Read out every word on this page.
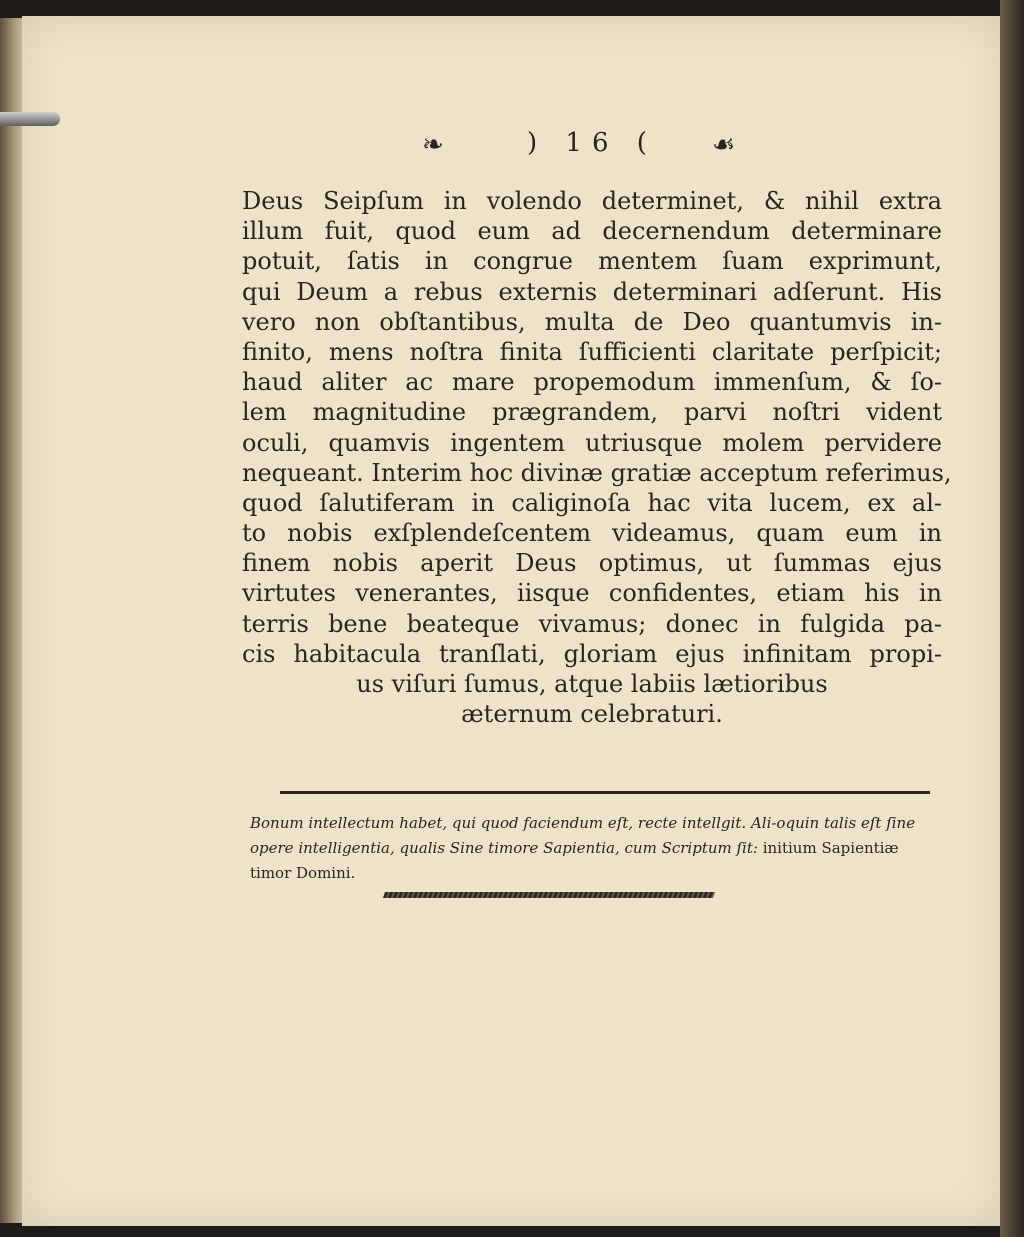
❧	) 16 ( ☙
Deus Seipſum in volendo determinet, & nihil extra
illum fuit, quod eum ad decernendum determinare
potuit, ſatis in congrue mentem ſuam exprimunt,
qui Deum a rebus externis determinari adſerunt. His
vero non obſtantibus, multa de Deo quantumvis in-
finito, mens noſtra finita ſufficienti claritate perſpicit;
haud aliter ac mare propemodum immenſum, & ſo-
lem magnitudine prægrandem, parvi noſtri vident
oculi, quamvis ingentem utriusque molem pervidere
nequeant. Interim hoc divinæ gratiæ acceptum referimus,
quod ſalutiferam in caliginoſa hac vita lucem, ex al-
to nobis exſplendeſcentem videamus, quam eum in
finem nobis aperit Deus optimus, ut ſummas ejus
virtutes venerantes, iisque confidentes, etiam his in
terris bene beateque vivamus; donec in fulgida pa-
cis habitacula tranſlati, gloriam ejus infinitam propi-
us viſuri ſumus, atque labiis lætioribus
æternum celebraturi.
Bonum intellectum habet, qui quod faciendum eſt, recte intellgit. Ali-oquin talis eſt ſine opere intelligentia, qualis Sine timore Sapientia, cum Scriptum ſit: initium Sapientiæ timor Domini.
